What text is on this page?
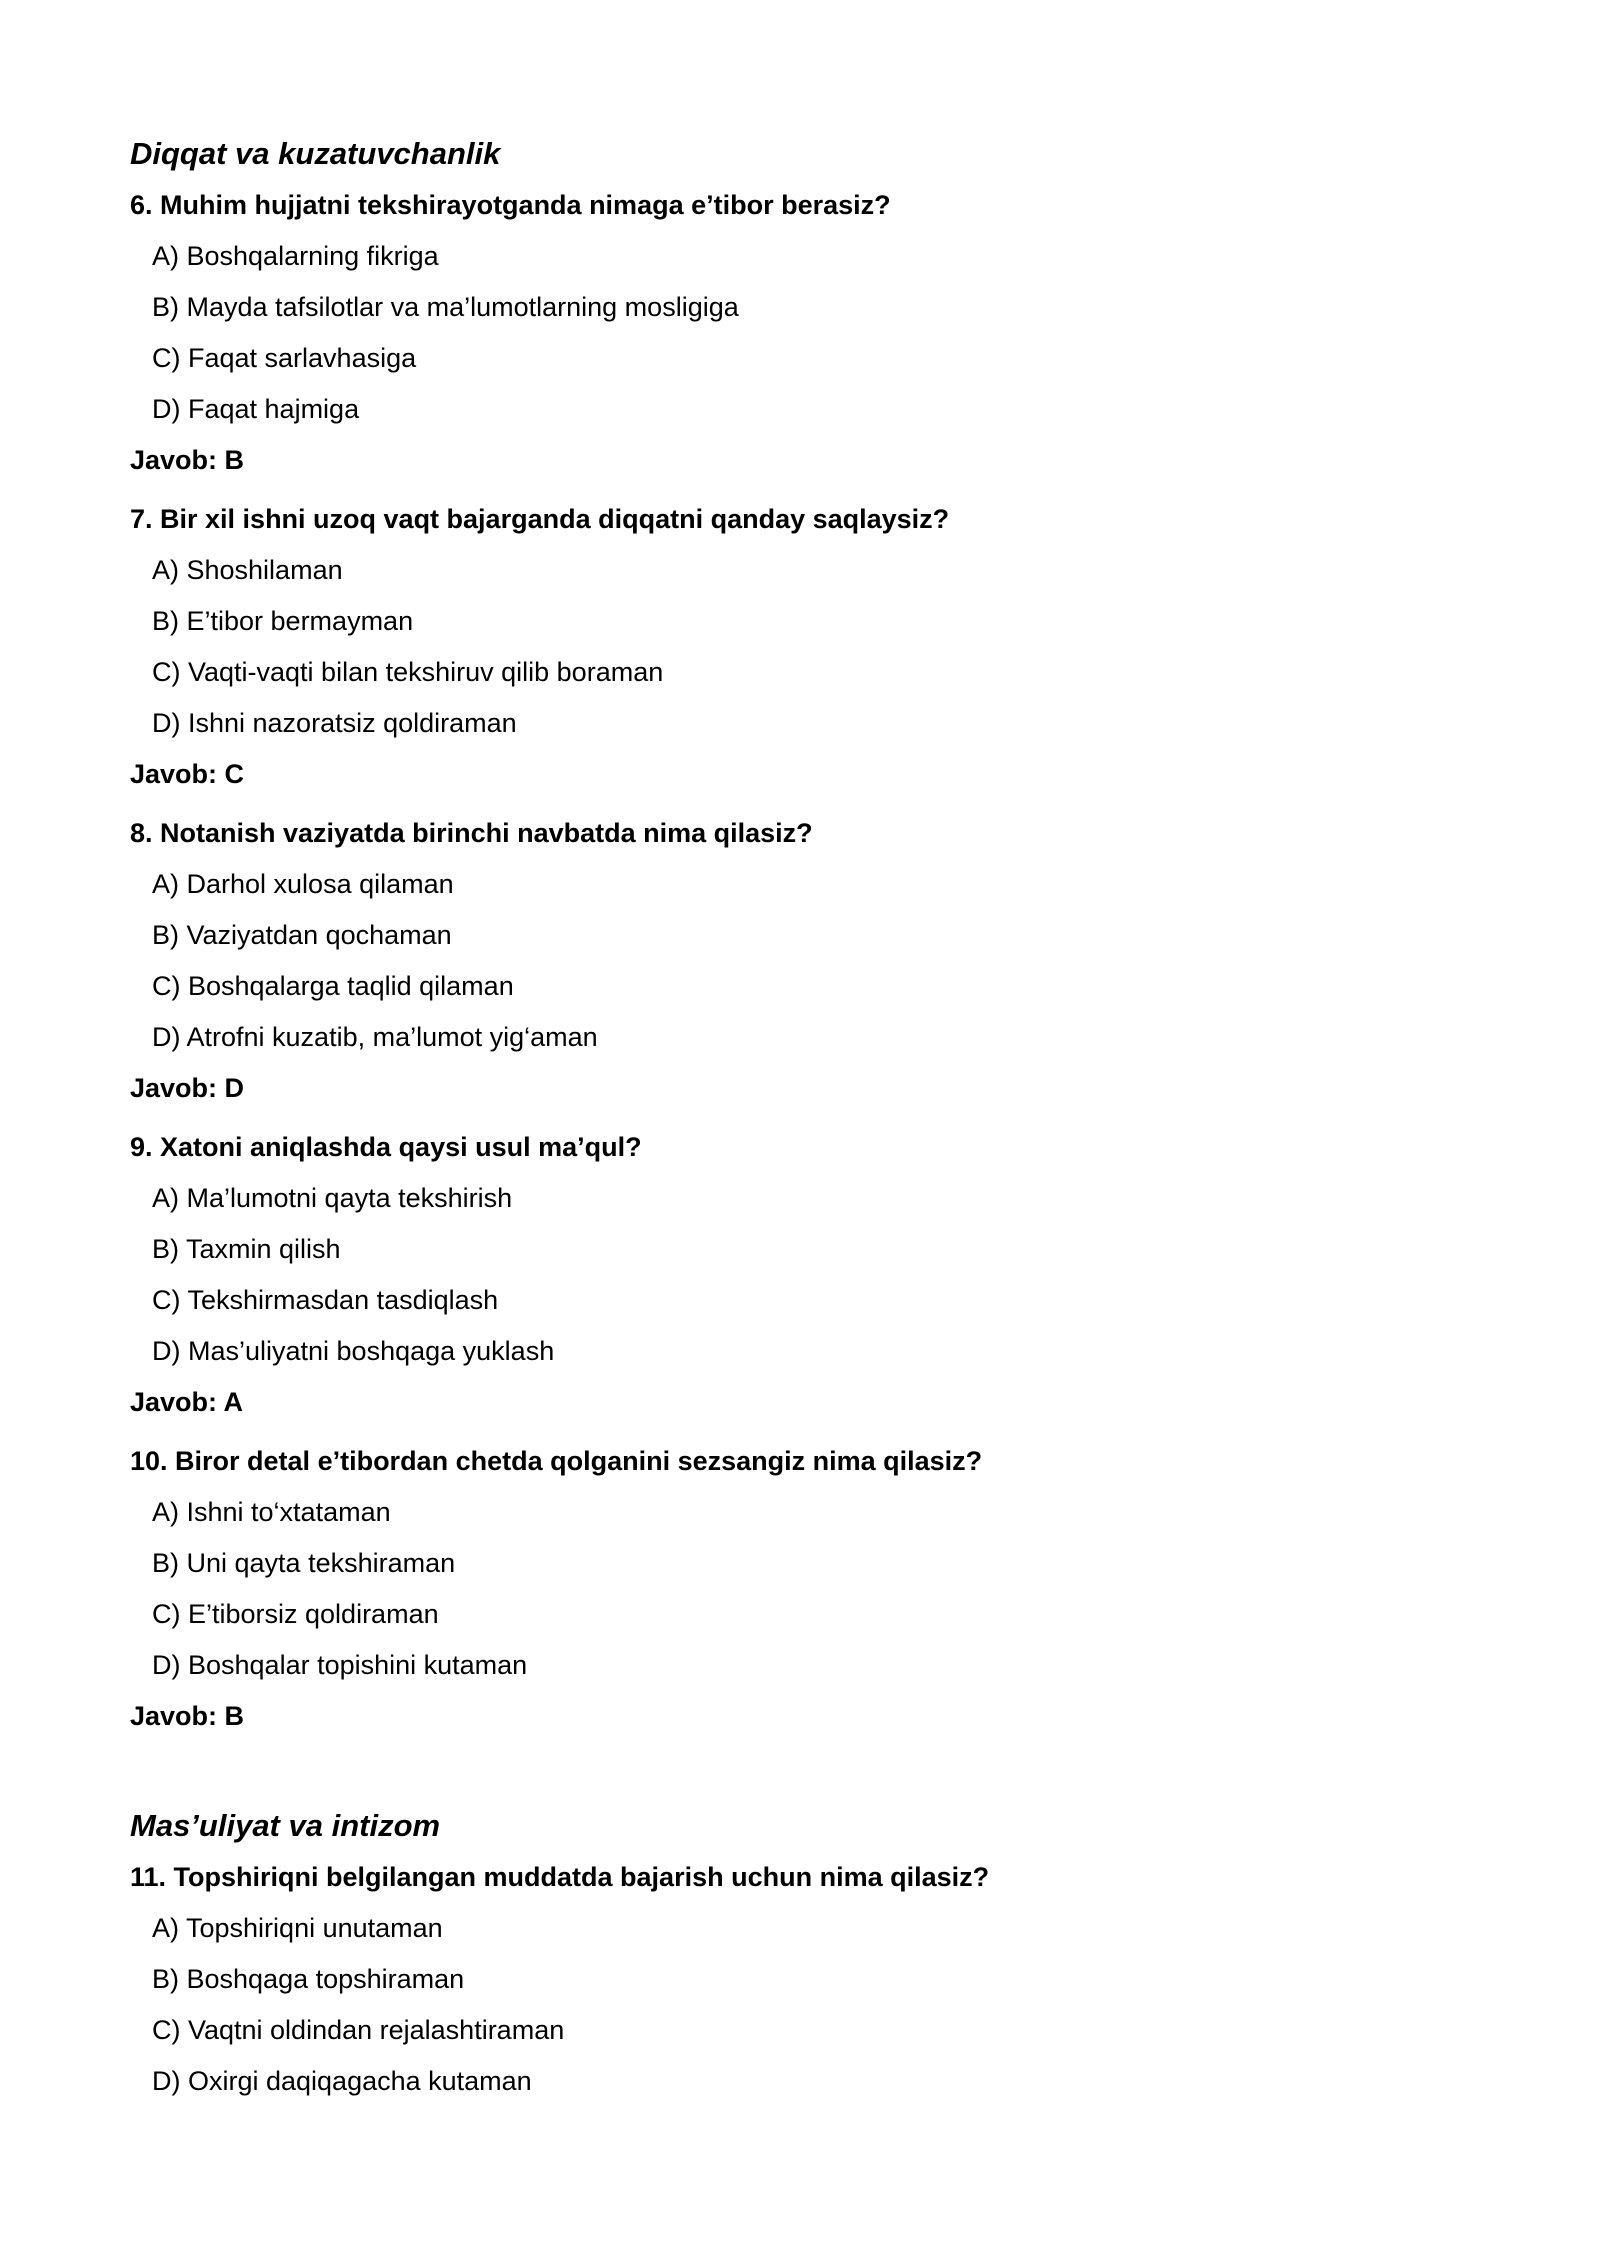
Diqqat va kuzatuvchanlik
6. Muhim hujjatni tekshirayotganda nimaga e’tibor berasiz?
A) Boshqalarning fikriga
B) Mayda tafsilotlar va ma’lumotlarning mosligiga
C) Faqat sarlavhasiga
D) Faqat hajmiga
Javob: B
7. Bir xil ishni uzoq vaqt bajarganda diqqatni qanday saqlaysiz?
A) Shoshilaman
B) E’tibor bermayman
C) Vaqti-vaqti bilan tekshiruv qilib boraman
D) Ishni nazoratsiz qoldiraman
Javob: C
8. Notanish vaziyatda birinchi navbatda nima qilasiz?
A) Darhol xulosa qilaman
B) Vaziyatdan qochaman
C) Boshqalarga taqlid qilaman
D) Atrofni kuzatib, ma’lumot yig‘aman
Javob: D
9. Xatoni aniqlashda qaysi usul ma’qul?
A) Ma’lumotni qayta tekshirish
B) Taxmin qilish
C) Tekshirmasdan tasdiqlash
D) Mas’uliyatni boshqaga yuklash
Javob: A
10. Biror detal e’tibordan chetda qolganini sezsangiz nima qilasiz?
A) Ishni to‘xtataman
B) Uni qayta tekshiraman
C) E’tiborsiz qoldiraman
D) Boshqalar topishini kutaman
Javob: B
Mas’uliyat va intizom
11. Topshiriqni belgilangan muddatda bajarish uchun nima qilasiz?
A) Topshiriqni unutaman
B) Boshqaga topshiraman
C) Vaqtni oldindan rejalashtiraman
D) Oxirgi daqiqagacha kutaman
